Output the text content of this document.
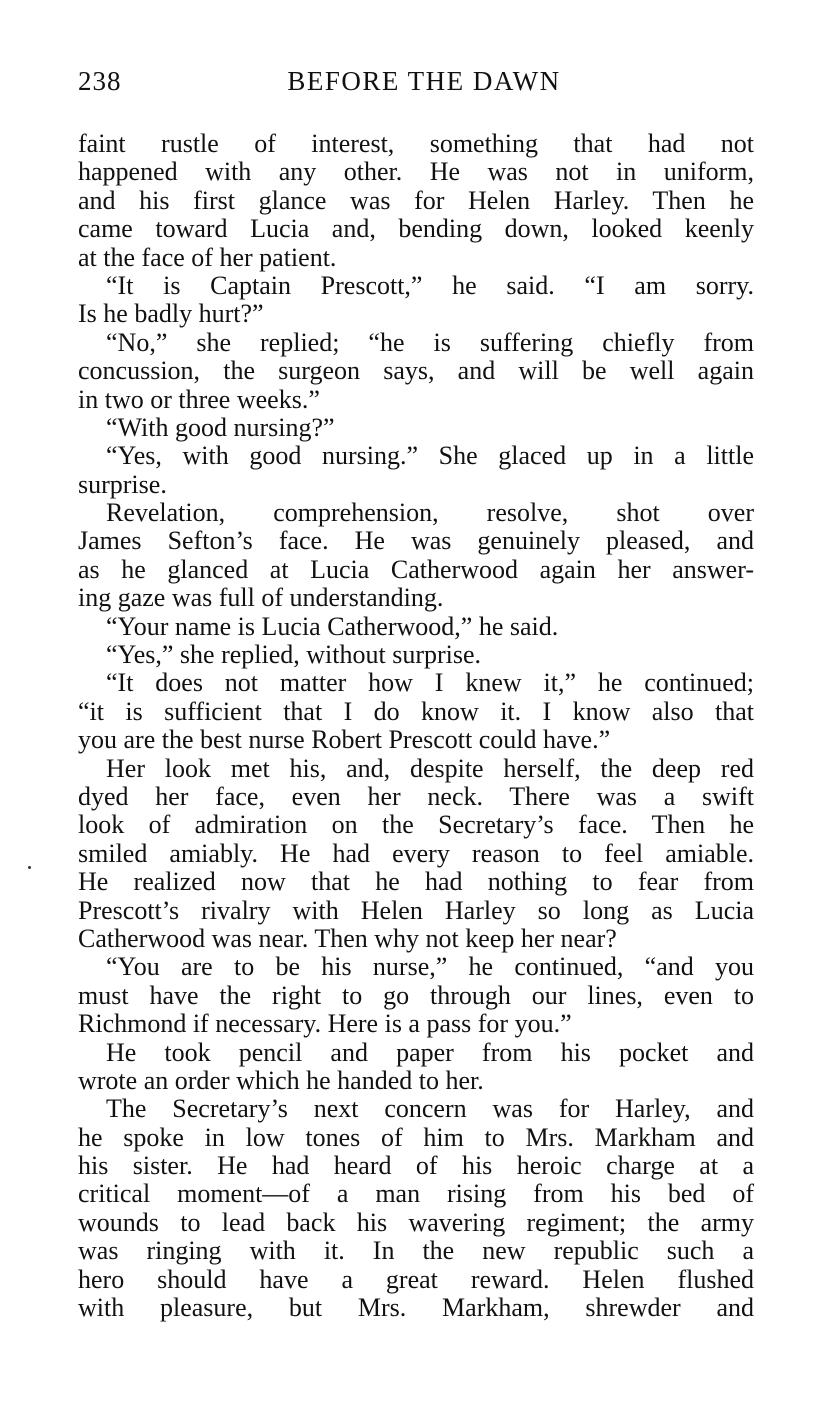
238	BEFORE THE DAWN
faint rustle of interest, something that had not
happened with any other. He was not in uniform,
and his first glance was for Helen Harley. Then he
came toward Lucia and, bending down, looked keenly
at the face of her patient.
“It is Captain Prescott,” he said. “I am sorry.
Is he badly hurt?”
“No,” she replied; “he is suffering chiefly from
concussion, the surgeon says, and will be well again
in two or three weeks.”
“With good nursing?”
“Yes, with good nursing.” She glaced up in a little
surprise.
Revelation, comprehension, resolve, shot over
James Sefton’s face. He was genuinely pleased, and
as he glanced at Lucia Catherwood again her answer-
ing gaze was full of understanding.
“Your name is Lucia Catherwood,” he said.
“Yes,” she replied, without surprise.
“It does not matter how I knew it,” he continued;
“it is sufficient that I do know it. I know also that
you are the best nurse Robert Prescott could have.”
Her look met his, and, despite herself, the deep red
dyed her face, even her neck. There was a swift
look of admiration on the Secretary’s face. Then he
smiled amiably. He had every reason to feel amiable.
He realized now that he had nothing to fear from
Prescott’s rivalry with Helen Harley so long as Lucia
Catherwood was near. Then why not keep her near?
“You are to be his nurse,” he continued, “and you
must have the right to go through our lines, even to
Richmond if necessary. Here is a pass for you.”
He took pencil and paper from his pocket and
wrote an order which he handed to her.
The Secretary’s next concern was for Harley, and
he spoke in low tones of him to Mrs. Markham and
his sister. He had heard of his heroic charge at a
critical moment—of a man rising from his bed of
wounds to lead back his wavering regiment; the army
was ringing with it. In the new republic such a
hero should have a great reward. Helen flushed
with pleasure, but Mrs. Markham, shrewder and
